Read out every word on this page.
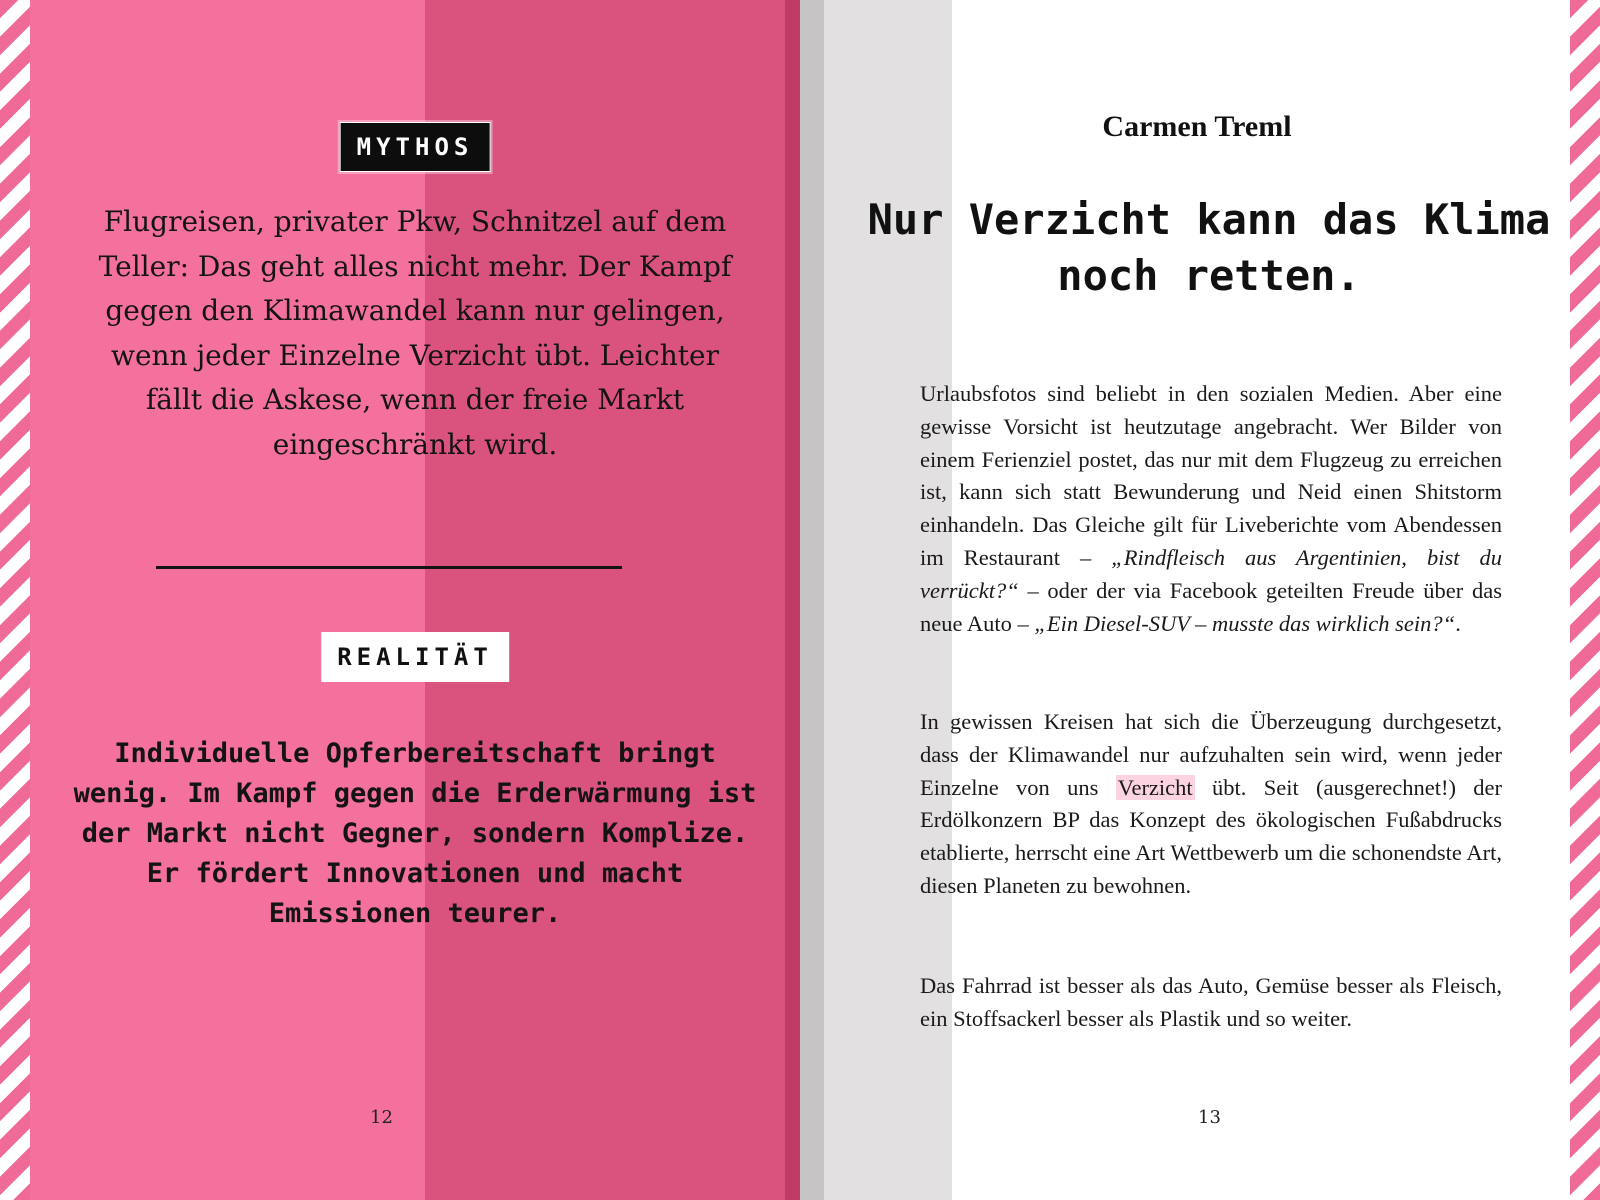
MYTHOS

Flugreisen, privater Pkw, Schnitzel auf dem Teller: Das geht alles nicht mehr. Der Kampf gegen den Klimawandel kann nur gelingen, wenn jeder Einzelne Verzicht übt. Leichter fällt die Askese, wenn der freie Markt eingeschränkt wird.

REALITÄT

Individuelle Opferbereitschaft bringt wenig. Im Kampf gegen die Erderwärmung ist der Markt nicht Gegner, sondern Komplize. Er fördert Innovationen und macht Emissionen teurer.

12

Carmen Treml

Nur Verzicht kann das Klima noch retten.

Urlaubsfotos sind beliebt in den sozialen Medien. Aber eine gewisse Vorsicht ist heutzutage angebracht. Wer Bilder von einem Ferienziel postet, das nur mit dem Flugzeug zu erreichen ist, kann sich statt Bewunderung und Neid einen Shitstorm einhandeln. Das Gleiche gilt für Liveberichte vom Abendessen im Restaurant – „Rindfleisch aus Argentinien, bist du verrückt?“ – oder der via Facebook geteilten Freude über das neue Auto – „Ein Diesel-SUV – musste das wirklich sein?“.

In gewissen Kreisen hat sich die Überzeugung durchgesetzt, dass der Klimawandel nur aufzuhalten sein wird, wenn jeder Einzelne von uns Verzicht übt. Seit (ausgerechnet!) der Erdölkonzern BP das Konzept des ökologischen Fußabdrucks etablierte, herrscht eine Art Wettbewerb um die schonendste Art, diesen Planeten zu bewohnen.

Das Fahrrad ist besser als das Auto, Gemüse besser als Fleisch, ein Stoffsackerl besser als Plastik und so weiter.

13
